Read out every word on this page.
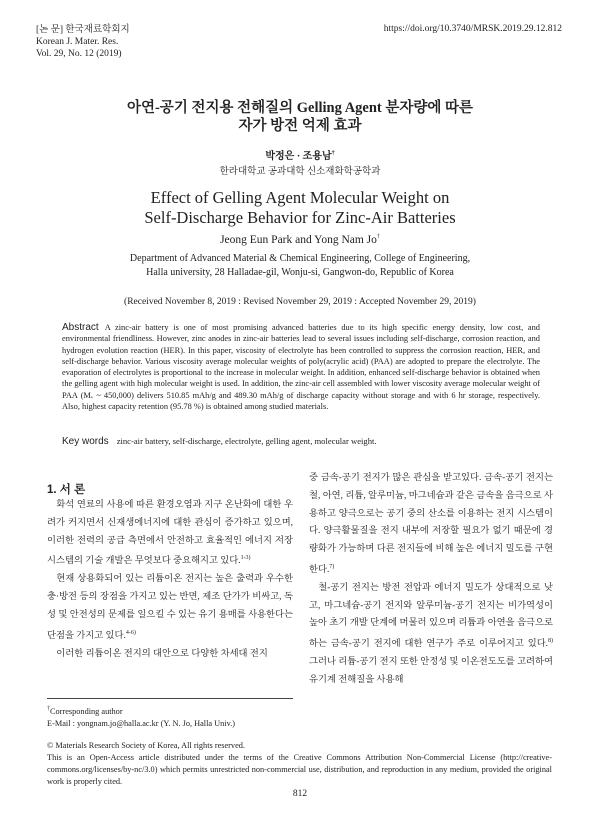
[논 문] 한국재료학회지
Korean J. Mater. Res.
Vol. 29, No. 12 (2019)
https://doi.org/10.3740/MRSK.2019.29.12.812
아연-공기 전지용 전해질의 Gelling Agent 분자량에 따른
자가 방전 억제 효과
박정은 · 조용남†
한라대학교 공과대학 신소재화학공학과
Effect of Gelling Agent Molecular Weight on
Self-Discharge Behavior for Zinc-Air Batteries
Jeong Eun Park and Yong Nam Jo†
Department of Advanced Material & Chemical Engineering, College of Engineering,
Halla university, 28 Halladae-gil, Wonju-si, Gangwon-do, Republic of Korea
(Received November 8, 2019 : Revised November 29, 2019 : Accepted November 29, 2019)
Abstract A zinc-air battery is one of most promising advanced batteries due to its high specific energy density, low cost, and environmental friendliness. However, zinc anodes in zinc-air batteries lead to several issues including self-discharge, corrosion reaction, and hydrogen evolution reaction (HER). In this paper, viscosity of electrolyte has been controlled to suppress the corrosion reaction, HER, and self-discharge behavior. Various viscosity average molecular weights of poly(acrylic acid) (PAA) are adopted to prepare the electrolyte. The evaporation of electrolytes is proportional to the increase in molecular weight. In addition, enhanced self-discharge behavior is obtained when the gelling agent with high molecular weight is used. In addition, the zinc-air cell assembled with lower viscosity average molecular weight of PAA (Mᵥ ~ 450,000) delivers 510.85 mAh/g and 489.30 mAh/g of discharge capacity without storage and with 6 hr storage, respectively. Also, highest capacity retention (95.78 %) is obtained among studied materials.
Key words zinc-air battery, self-discharge, electrolyte, gelling agent, molecular weight.
1. 서 론

화석 연료의 사용에 따른 환경오염과 지구 온난화에 대한 우려가 커지면서 신재생에너지에 대한 관심이 증가하고 있으며, 이러한 전력의 공급 측면에서 안전하고 효율적인 에너지 저장 시스템의 기술 개발은 무엇보다 중요해지고 있다.$^{1-3)}$

현재 상용화되어 있는 리튬이온 전지는 높은 출력과 우수한 충·방전 등의 장점을 가지고 있는 반면, 제조 단가가 비싸고, 독성 및 안전성의 문제를 일으킬 수 있는 유기 용매를 사용한다는 단점을 가지고 있다.$^{4-6)}$

이러한 리튬이온 전지의 대안으로 다양한 차세대 전지

중 금속-공기 전지가 많은 관심을 받고있다. 금속-공기 전지는 철, 아연, 리튬, 알루미늄, 마그네슘과 같은 금속을 음극으로 사용하고 양극으로는 공기 중의 산소를 이용하는 전지 시스템이다. 양극활물질을 전지 내부에 저장할 필요가 없기 때문에 경량화가 가능하며 다른 전지들에 비해 높은 에너지 밀도를 구현한다.$^{7)}$

철-공기 전지는 방전 전압과 에너지 밀도가 상대적으로 낮고, 마그네슘-공기 전지와 알루미늄-공기 전지는 비가역성이 높아 초기 개발 단계에 머물러 있으며 리튬과 아연을 음극으로 하는 금속-공기 전지에 대한 연구가 주로 이루어지고 있다.$^{8)}$ 그러나 리튬-공기 전지 또한 안정성 및 이온전도도를 고려하여 유기계 전해질을 사용해

†Corresponding author
E-Mail : yongnam.jo@halla.ac.kr (Y. N. Jo, Halla Univ.)
© Materials Research Society of Korea, All rights reserved.
This is an Open-Access article distributed under the terms of the Creative Commons Attribution Non-Commercial License (http://creative-commons.org/licenses/by-nc/3.0) which permits unrestricted non-commercial use, distribution, and reproduction in any medium, provided the original work is properly cited.
812
